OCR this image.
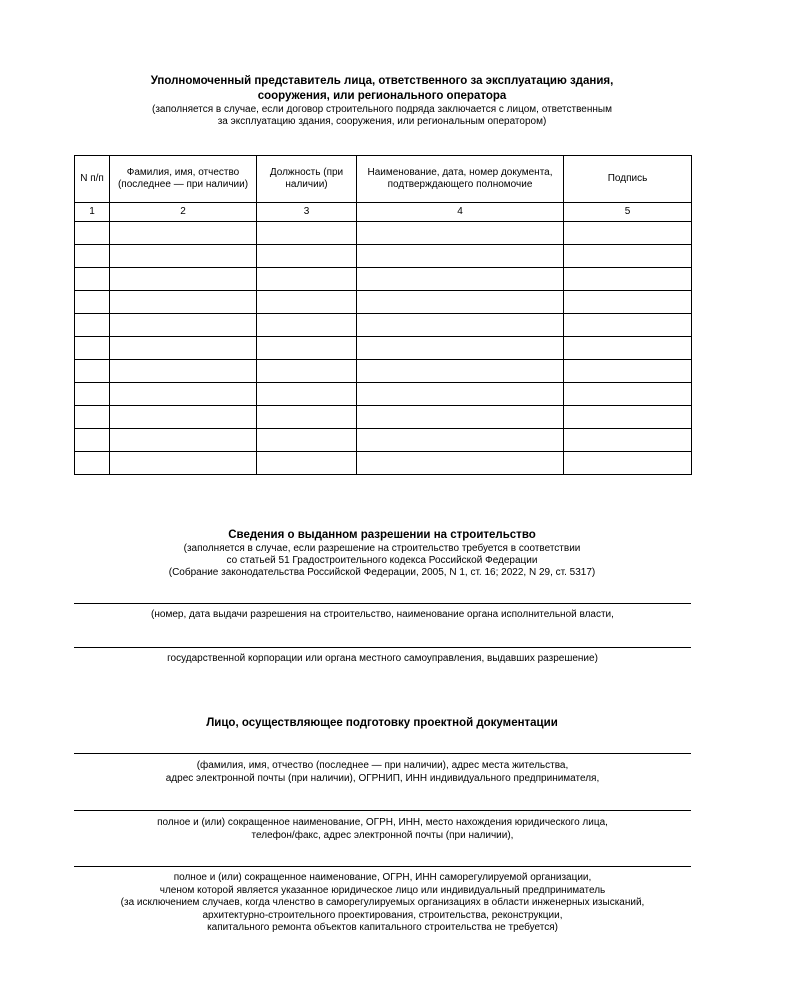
Уполномоченный представитель лица, ответственного за эксплуатацию здания,

сооружения, или регионального оператора

(заполняется в случае, если договор строительного подряда заключается с лицом, ответственным

за эксплуатацию здания, сооружения, или региональным оператором)

N п/п	Фамилия, имя, отчество (последнее — при наличии)	Должность (при наличии)	Наименование, дата, номер документа, подтверждающего полномочие	Подпись
1	2	3	4	5

Сведения о выданном разрешении на строительство

(заполняется в случае, если разрешение на строительство требуется в соответствии

со статьей 51 Градостроительного кодекса Российской Федерации

(Собрание законодательства Российской Федерации, 2005, N 1, ст. 16; 2022, N 29, ст. 5317)

(номер, дата выдачи разрешения на строительство, наименование органа исполнительной власти,
государственной корпорации или органа местного самоуправления, выдавших разрешение)

Лицо, осуществляющее подготовку проектной документации

(фамилия, имя, отчество (последнее — при наличии), адрес места жительства,
адрес электронной почты (при наличии), ОГРНИП, ИНН индивидуального предпринимателя,
полное и (или) сокращенное наименование, ОГРН, ИНН, место нахождения юридического лица,
телефон/факс, адрес электронной почты (при наличии),
полное и (или) сокращенное наименование, ОГРН, ИНН саморегулируемой организации,
членом которой является указанное юридическое лицо или индивидуальный предприниматель
(за исключением случаев, когда членство в саморегулируемых организациях в области инженерных изысканий,
архитектурно-строительного проектирования, строительства, реконструкции,
капитального ремонта объектов капитального строительства не требуется)
